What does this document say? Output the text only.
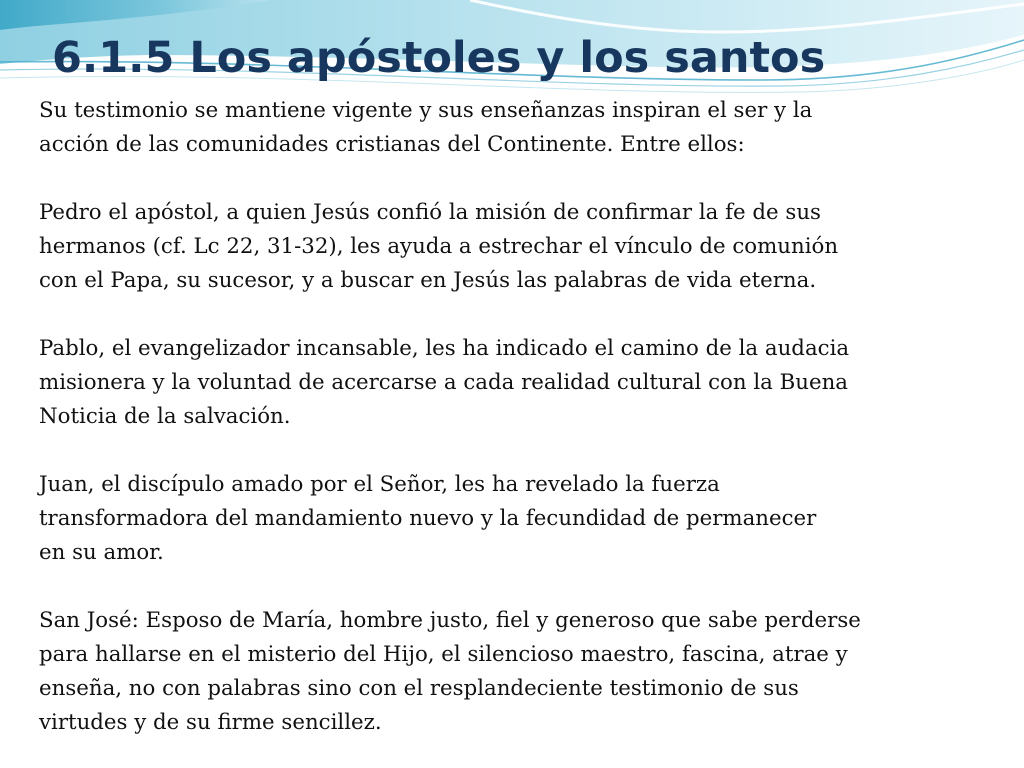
6.1.5 Los apóstoles y los santos

Su testimonio se mantiene vigente y sus enseñanzas inspiran el ser y la
acción de las comunidades cristianas del Continente. Entre ellos:

Pedro el apóstol, a quien Jesús confió la misión de confirmar la fe de sus
hermanos (cf. Lc 22, 31-32), les ayuda a estrechar el vínculo de comunión
con el Papa, su sucesor, y a buscar en Jesús las palabras de vida eterna.

Pablo, el evangelizador incansable, les ha indicado el camino de la audacia
misionera y la voluntad de acercarse a cada realidad cultural con la Buena
Noticia de la salvación.

Juan, el discípulo amado por el Señor, les ha revelado la fuerza
transformadora del mandamiento nuevo y la fecundidad de permanecer
en su amor.

San José: Esposo de María, hombre justo, fiel y generoso que sabe perderse
para hallarse en el misterio del Hijo, el silencioso maestro, fascina, atrae y
enseña, no con palabras sino con el resplandeciente testimonio de sus
virtudes y de su firme sencillez.
